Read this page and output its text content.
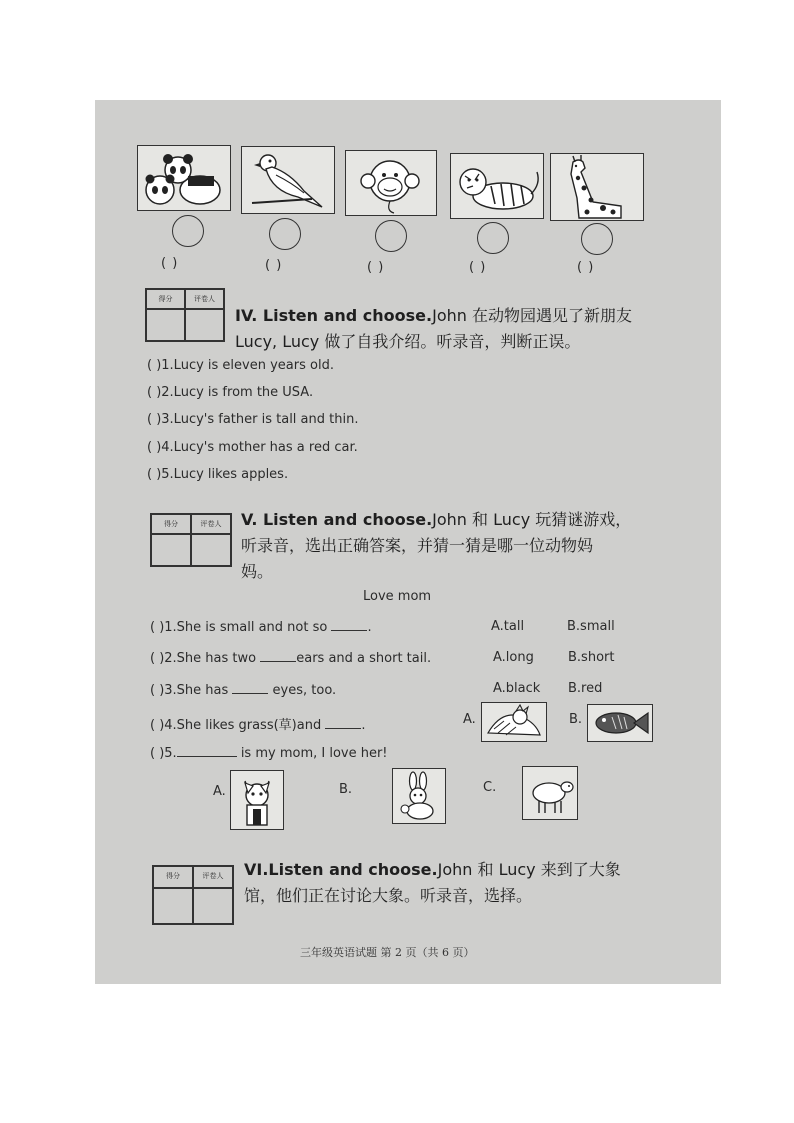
( )	( )	( )	( )	( )
得分	评卷人
IV. Listen and choose.John 在动物园遇见了新朋友
Lucy, Lucy 做了自我介绍。听录音，判断正误。
( )1.Lucy is eleven years old.
( )2.Lucy is from the USA.
( )3.Lucy's father is tall and thin.
( )4.Lucy's mother has a red car.
( )5.Lucy likes apples.
得分	评卷人	V. Listen and choose.John 和 Lucy 玩猜谜游戏，
听录音，选出正确答案，并猜一猜是哪一位动物妈
妈。
Love mom
( )1.She is small and not so	.	A.tall	B.small
( )2.She has two	ears and a short tail.	A.long	B.short
( )3.She has	eyes, too.	A.black B.red
( )4.She likes grass(草)and	.	A.	B.
( )5.	is my mom, I love her!
A.	B.	C.
得分	评卷人	VI.Listen and choose.John 和 Lucy 来到了大象
馆，他们正在讨论大象。听录音，选择。
三年级英语试题 第 2 页（共 6 页）
